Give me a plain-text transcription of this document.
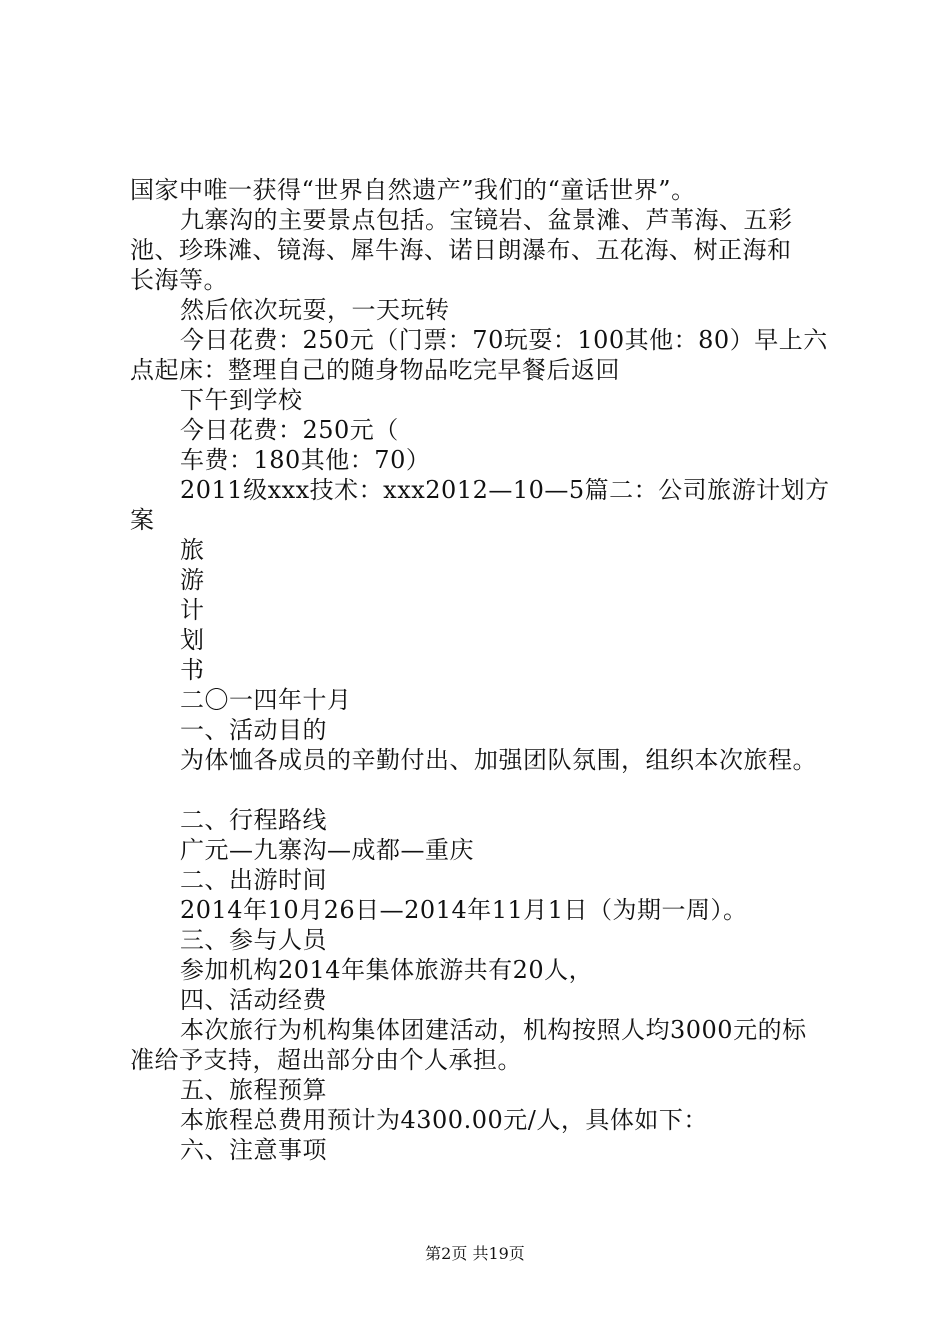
国家中唯一获得“世界自然遗产”我们的“童话世界”。
九寨沟的主要景点包括。宝镜岩、盆景滩、芦苇海、五彩
池、珍珠滩、镜海、犀牛海、诺日朗瀑布、五花海、树正海和
长海等。
然后依次玩耍，一天玩转
今日花费：250元（门票：70玩耍：100其他：80）早上六
点起床：整理自己的随身物品吃完早餐后返回
下午到学校
今日花费：250元（
车费：180其他：70）
2011级xxx技术：xxx2012—10—5篇二：公司旅游计划方
案
旅
游
计
划
书
二〇一四年十月
一、活动目的
为体恤各成员的辛勤付出、加强团队氛围，组织本次旅程。
二、行程路线
广元—九寨沟—成都—重庆
二、出游时间
2014年10月26日—2014年11月1日（为期一周）。
三、参与人员
参加机构2014年集体旅游共有20人，
四、活动经费
本次旅行为机构集体团建活动，机构按照人均3000元的标
准给予支持，超出部分由个人承担。
五、旅程预算
本旅程总费用预计为4300.00元/人，具体如下：
六、注意事项
第2页 共19页
